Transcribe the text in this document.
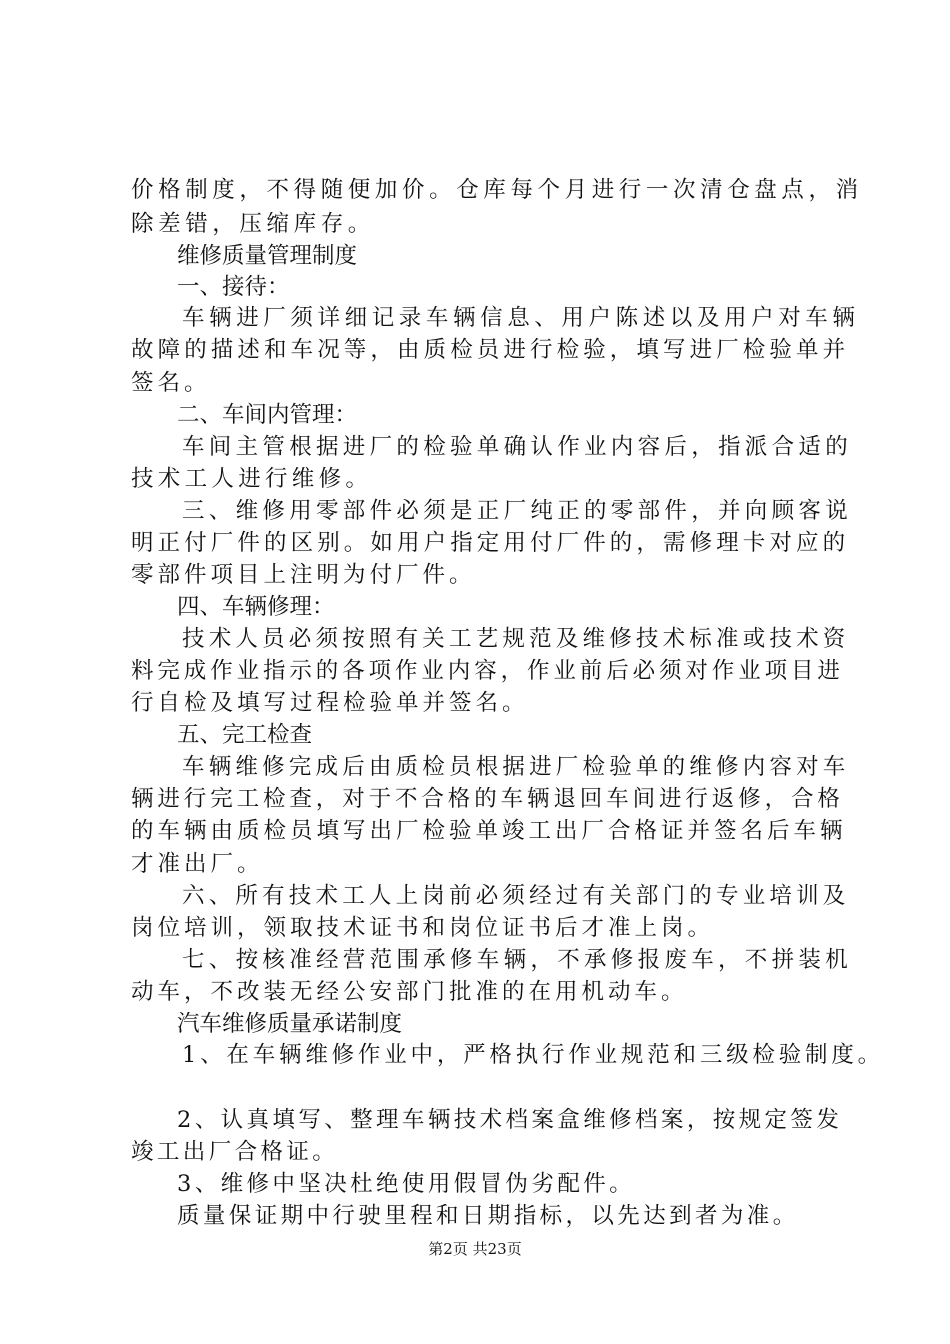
价格制度，不得随便加价。仓库每个月进行一次清仓盘点，消
除差错，压缩库存。
维修质量管理制度
一、接待：
车辆进厂须详细记录车辆信息、用户陈述以及用户对车辆
故障的描述和车况等，由质检员进行检验，填写进厂检验单并
签名。
二、车间内管理：
车间主管根据进厂的检验单确认作业内容后，指派合适的
技术工人进行维修。
三、维修用零部件必须是正厂纯正的零部件，并向顾客说
明正付厂件的区别。如用户指定用付厂件的，需修理卡对应的
零部件项目上注明为付厂件。
四、车辆修理：
技术人员必须按照有关工艺规范及维修技术标准或技术资
料完成作业指示的各项作业内容，作业前后必须对作业项目进
行自检及填写过程检验单并签名。
五、完工检查
车辆维修完成后由质检员根据进厂检验单的维修内容对车
辆进行完工检查，对于不合格的车辆退回车间进行返修，合格
的车辆由质检员填写出厂检验单竣工出厂合格证并签名后车辆
才准出厂。
六、所有技术工人上岗前必须经过有关部门的专业培训及
岗位培训，领取技术证书和岗位证书后才准上岗。
七、按核准经营范围承修车辆，不承修报废车，不拼装机
动车，不改装无经公安部门批准的在用机动车。
汽车维修质量承诺制度
1、在车辆维修作业中，严格执行作业规范和三级检验制度。
2、认真填写、整理车辆技术档案盒维修档案，按规定签发
竣工出厂合格证。
3、维修中坚决杜绝使用假冒伪劣配件。
质量保证期中行驶里程和日期指标，以先达到者为准。
第2页 共23页
